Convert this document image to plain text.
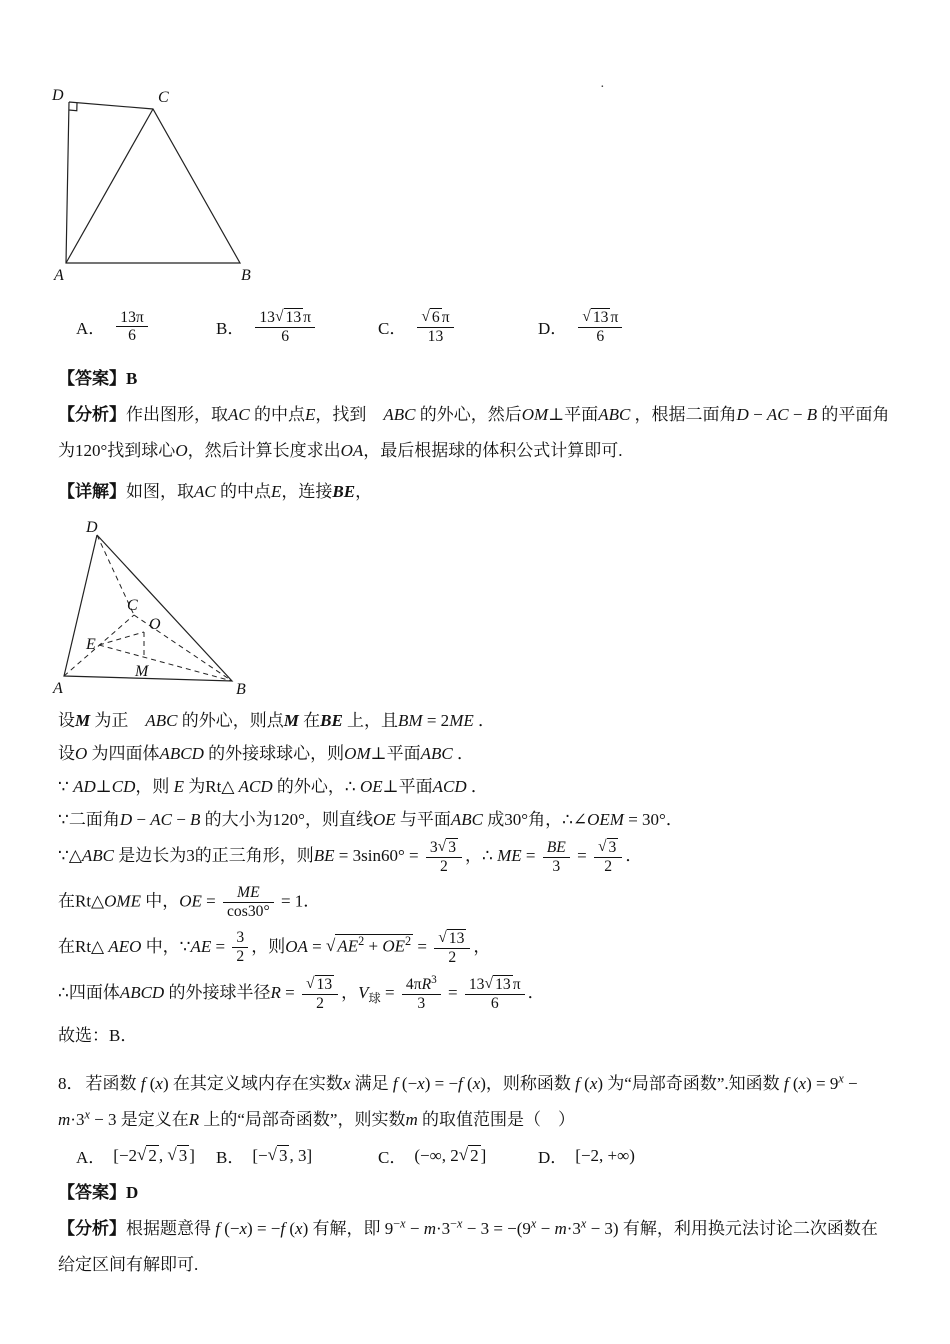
·
D	C
A	B
A． $\frac{13\pi}{6}$	B． $\frac{13√ 13 \pi}{6}$	C． $\frac{√ 6 \pi}{13}$	D． $\frac{√ 13 \pi}{6}$

【答案】B

【分析】作出图形，取AC 的中点E，找到　ABC 的外心，然后OM⊥平面ABC ，根据二面角D − AC − B 的平面角为120°找到球心O，然后计算长度求出OA，最后根据球的体积公式计算即可.

【详解】如图，取AC 的中点E，连接BE，

D
A	B
C
O
E
M
设M 为正　ABC 的外心，则点M 在BE 上，且BM = 2ME ．
设O 为四面体ABCD 的外接球球心，则OM⊥平面ABC ．
∵ AD⊥CD，则 E 为Rt△ ACD 的外心，∴ OE⊥平面ACD ．
∵二面角D − AC − B 的大小为120°，则直线OE 与平面ABC 成30°角，∴∠OEM = 30°．
∵△ABC 是边长为3的正三角形，则BE = $3\sin 60^\circ = \frac{3√ 3}{2}$ ，∴ ME = $\frac{BE}{3} = \frac{√ 3}{2}$ ．
在Rt△OME 中，OE = $\frac{ME}{\cos 30^\circ} = 1$．
在Rt△ AEO 中，∵AE = $\frac{3}{2}$ ，则OA = √ $AE^2 + OE^2 = \frac{√ 13}{2}$ ，
∴四面体ABCD 的外接球半径$R = \frac{√ 13}{2}$ ，$V_球 = \frac{4\pi R^3}{3} = \frac{13√ 13 \pi}{6}$ ．
故选：B．

8． 若函数 f (x) 在其定义域内存在实数x 满足 f (−x) = −f (x)，则称函数 f (x) 为“局部奇函数”.知函数 f $(x) = 9^x - m\cdot 3^x - 3$ 是定义在R 上的“局部奇函数”，则实数m 的取值范围是（　）

A． [−2√ 2 , √ 3 ] B． [−√ 3 , 3]	C． (−∞, 2√ 2 ]	D． [−2, +∞)

【答案】D

【分析】根据题意得 f (−x) = −f (x) 有解，即 $9^{-x} - m\cdot 3^{-x} - 3 = -(9^x - m\cdot 3^x - 3)$ 有解，利用换元法讨论二次函数在给定区间有解即可.
